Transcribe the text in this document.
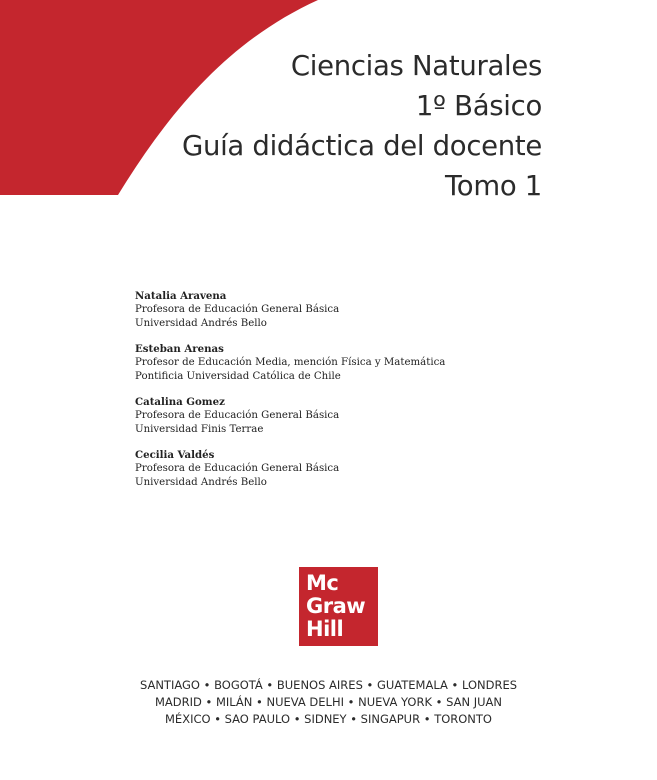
Ciencias Naturales
1º Básico
Guía didáctica del docente
Tomo 1
Natalia Aravena
Profesora de Educación General Básica
Universidad Andrés Bello
Esteban Arenas
Profesor de Educación Media, mención Física y Matemática
Pontificia Universidad Católica de Chile
Catalina Gomez
Profesora de Educación General Básica
Universidad Finis Terrae
Cecilia Valdés
Profesora de Educación General Básica
Universidad Andrés Bello
Mc
Graw
Hill
SANTIAGO • BOGOTÁ • BUENOS AIRES • GUATEMALA • LONDRES
MADRID • MILÁN • NUEVA DELHI • NUEVA YORK • SAN JUAN
MÉXICO • SAO PAULO • SIDNEY • SINGAPUR • TORONTO
